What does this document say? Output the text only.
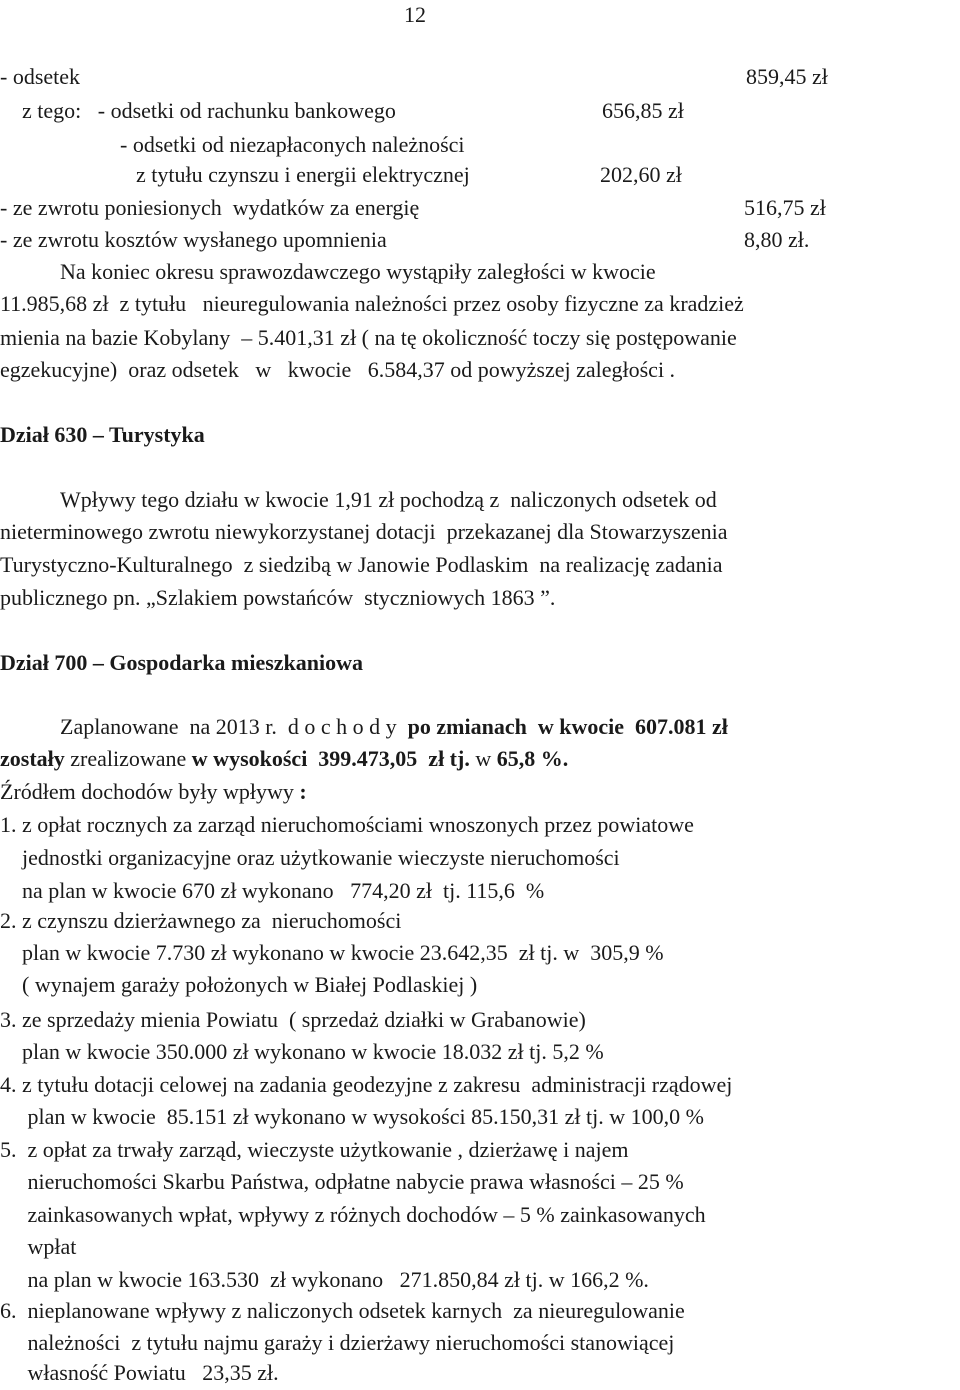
12
- odsetek	859,45 zł
z tego:   - odsetki od rachunku bankowego	656,85 zł
- odsetki od niezapłaconych należności
z tytułu czynszu i energii elektrycznej	202,60 zł
- ze zwrotu poniesionych  wydatków za energię	516,75 zł
- ze zwrotu kosztów wysłanego upomnienia	8,80 zł.
Na koniec okresu sprawozdawczego wystąpiły zaległości w kwocie
11.985,68 zł  z tytułu   nieuregulowania należności przez osoby fizyczne za kradzież
mienia na bazie Kobylany  – 5.401,31 zł ( na tę okoliczność toczy się postępowanie
egzekucyjne)  oraz odsetek   w   kwocie   6.584,37 od powyższej zaległości .
Dział 630 – Turystyka
Wpływy tego działu w kwocie 1,91 zł pochodzą z  naliczonych odsetek od
nieterminowego zwrotu niewykorzystanej dotacji  przekazanej dla Stowarzyszenia
Turystyczno-Kulturalnego  z siedzibą w Janowie Podlaskim  na realizację zadania
publicznego pn. „Szlakiem powstańców  styczniowych 1863 ”.
Dział 700 – Gospodarka mieszkaniowa
Zaplanowane  na 2013 r.  d o c h o d y  po zmianach  w kwocie  607.081 zł
zostały zrealizowane w wysokości  399.473,05  zł tj. w 65,8 %.
Źródłem dochodów były wpływy :
1. z opłat rocznych za zarząd nieruchomościami wnoszonych przez powiatowe
jednostki organizacyjne oraz użytkowanie wieczyste nieruchomości
na plan w kwocie 670 zł wykonano   774,20 zł  tj. 115,6  %
2. z czynszu dzierżawnego za  nieruchomości
plan w kwocie 7.730 zł wykonano w kwocie 23.642,35  zł tj. w  305,9 %
( wynajem garaży położonych w Białej Podlaskiej )
3. ze sprzedaży mienia Powiatu  ( sprzedaż działki w Grabanowie)
plan w kwocie 350.000 zł wykonano w kwocie 18.032 zł tj. 5,2 %
4. z tytułu dotacji celowej na zadania geodezyjne z zakresu  administracji rządowej
plan w kwocie  85.151 zł wykonano w wysokości 85.150,31 zł tj. w 100,0 %
5.  z opłat za trwały zarząd, wieczyste użytkowanie , dzierżawę i najem
nieruchomości Skarbu Państwa, odpłatne nabycie prawa własności – 25 %
zainkasowanych wpłat, wpływy z różnych dochodów – 5 % zainkasowanych
wpłat
na plan w kwocie 163.530  zł wykonano   271.850,84 zł tj. w 166,2 %.
6.  nieplanowane wpływy z naliczonych odsetek karnych  za nieuregulowanie
należności  z tytułu najmu garaży i dzierżawy nieruchomości stanowiącej
własność Powiatu   23,35 zł.
